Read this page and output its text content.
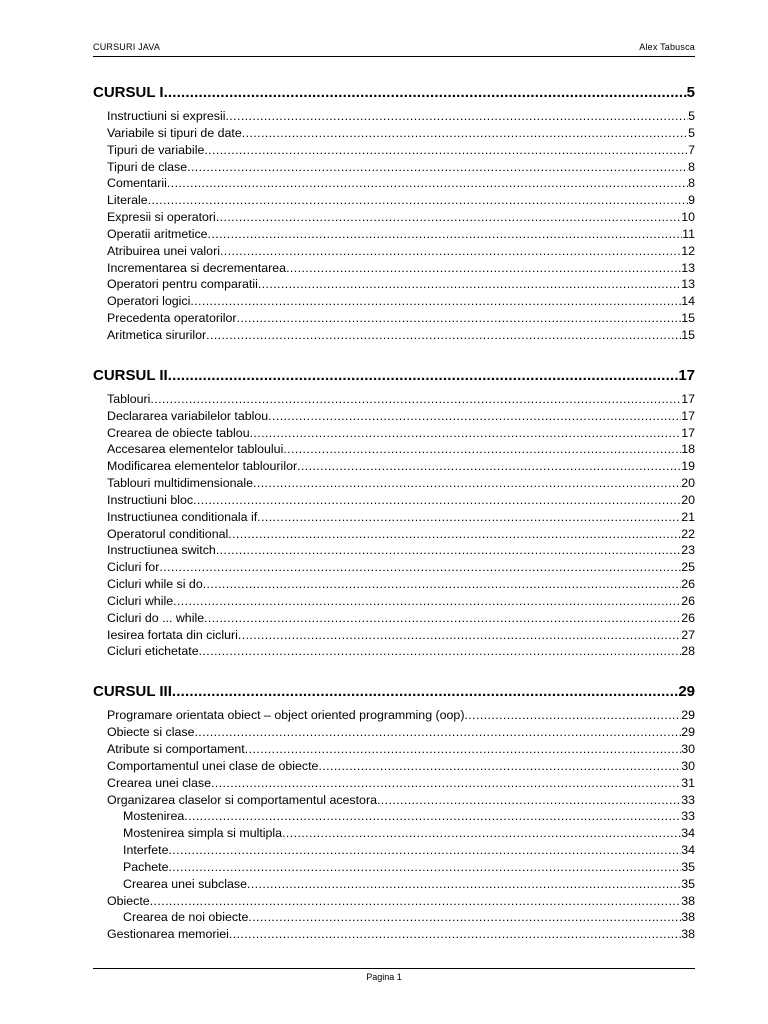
CURSURI JAVA	Alex Tabusca
CURSUL I .....	5
Instructiuni si expresii .....	5
Variabile si tipuri de date .....	5
Tipuri de variabile .....	7
Tipuri de clase .....	8
Comentarii .....	8
Literale .....	9
Expresii si operatori .....	10
Operatii aritmetice .....	11
Atribuirea unei valori .....	12
Incrementarea si decrementarea .....	13
Operatori pentru comparatii .....	13
Operatori logici .....	14
Precedenta operatorilor .....	15
Aritmetica sirurilor .....	15
CURSUL II .....	17
Tablouri .....	17
Declararea variabilelor tablou .....	17
Crearea de obiecte tablou .....	17
Accesarea elementelor tabloului .....	18
Modificarea elementelor tablourilor .....	19
Tablouri multidimensionale .....	20
Instructiuni bloc .....	20
Instructiunea conditionala if .....	21
Operatorul conditional .....	22
Instructiunea switch .....	23
Cicluri for .....	25
Cicluri while si do .....	26
Cicluri while .....	26
Cicluri do ... while .....	26
Iesirea fortata din cicluri .....	27
Cicluri etichetate .....	28
CURSUL III .....	29
Programare orientata obiect – object oriented programming (oop) .....	29
Obiecte si clase .....	29
Atribute si comportament .....	30
Comportamentul unei clase de obiecte .....	30
Crearea unei clase .....	31
Organizarea claselor si comportamentul acestora .....	33
Mostenirea .....	33
Mostenirea simpla si multipla .....	34
Interfete .....	34
Pachete .....	35
Crearea unei subclase .....	35
Obiecte .....	38
Crearea de noi obiecte .....	38
Gestionarea memoriei .....	38
Pagina 1
